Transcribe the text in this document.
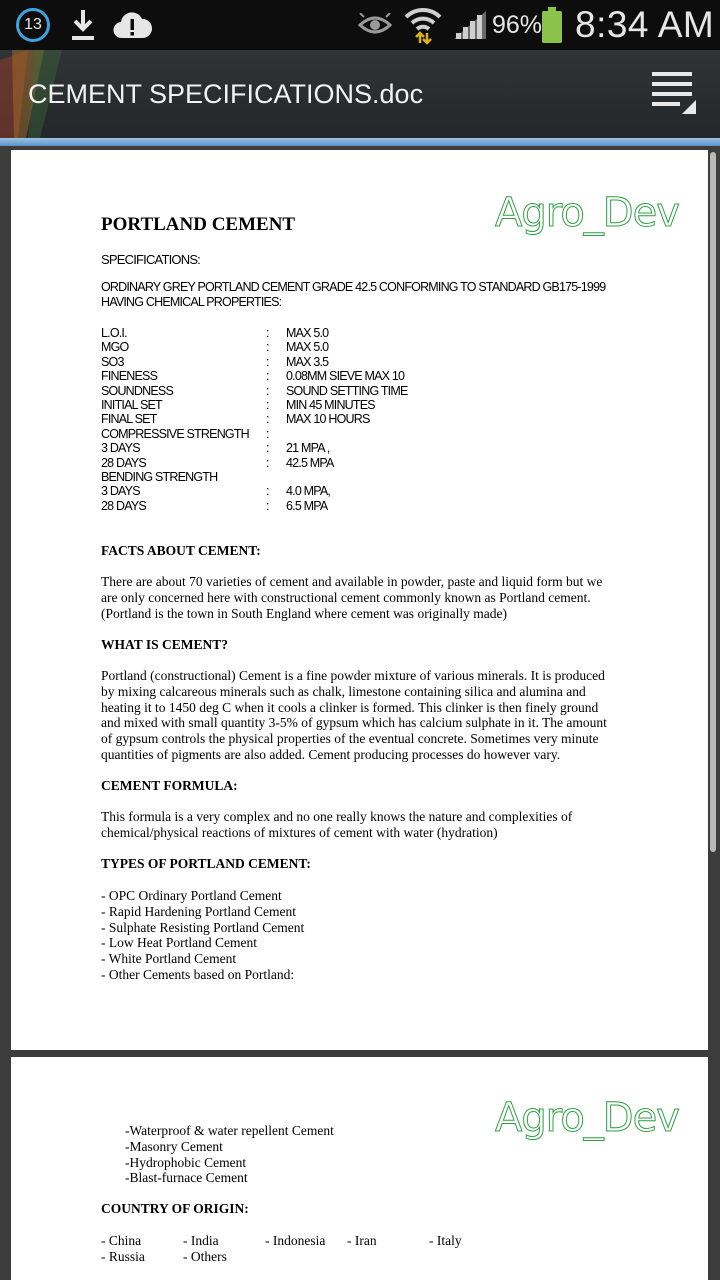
13	96% 8:34 AM
CEMENT SPECIFICATIONS.doc
Agro_Dev
PORTLAND CEMENT
SPECIFICATIONS:
ORDINARY GREY PORTLAND CEMENT GRADE 42.5 CONFORMING TO STANDARD GB175-1999 HAVING CHEMICAL PROPERTIES:
L.O.I.	:	MAX 5.0
MGO	:	MAX 5.0
SO3	:	MAX 3.5
FINENESS	:	0.08MM SIEVE MAX 10
SOUNDNESS	:	SOUND SETTING TIME
INITIAL SET	:	MIN 45 MINUTES
FINAL SET	:	MAX 10 HOURS
COMPRESSIVE STRENGTH	:	
3 DAYS	:	21 MPA ,
28 DAYS	:	42.5 MPA
BENDING STRENGTH		
3 DAYS	:	4.0 MPA,
28 DAYS	:	6.5 MPA
FACTS ABOUT CEMENT:
There are about 70 varieties of cement and available in powder, paste and liquid form but we are only concerned here with constructional cement commonly known as Portland cement. (Portland is the town in South England where cement was originally made)
WHAT IS CEMENT?
Portland (constructional) Cement is a fine powder mixture of various minerals. It is produced by mixing calcareous minerals such as chalk, limestone containing silica and alumina and heating it to 1450 deg C when it cools a clinker is formed. This clinker is then finely ground and mixed with small quantity 3-5% of gypsum which has calcium sulphate in it. The amount of gypsum controls the physical properties of the eventual concrete. Sometimes very minute quantities of pigments are also added. Cement producing processes do however vary.
CEMENT FORMULA:
This formula is a very complex and no one really knows the nature and complexities of chemical/physical reactions of mixtures of cement with water (hydration)
TYPES OF PORTLAND CEMENT:
- OPC Ordinary Portland Cement
- Rapid Hardening Portland Cement
- Sulphate Resisting Portland Cement
- Low Heat Portland Cement
- White Portland Cement
- Other Cements based on Portland:
Agro_Dev
-Waterproof & water repellent Cement
-Masonry Cement
-Hydrophobic Cement
-Blast-furnace Cement
COUNTRY OF ORIGIN:
- China	- India	- Indonesia - Iran	- Italy
- Russia	- Others
